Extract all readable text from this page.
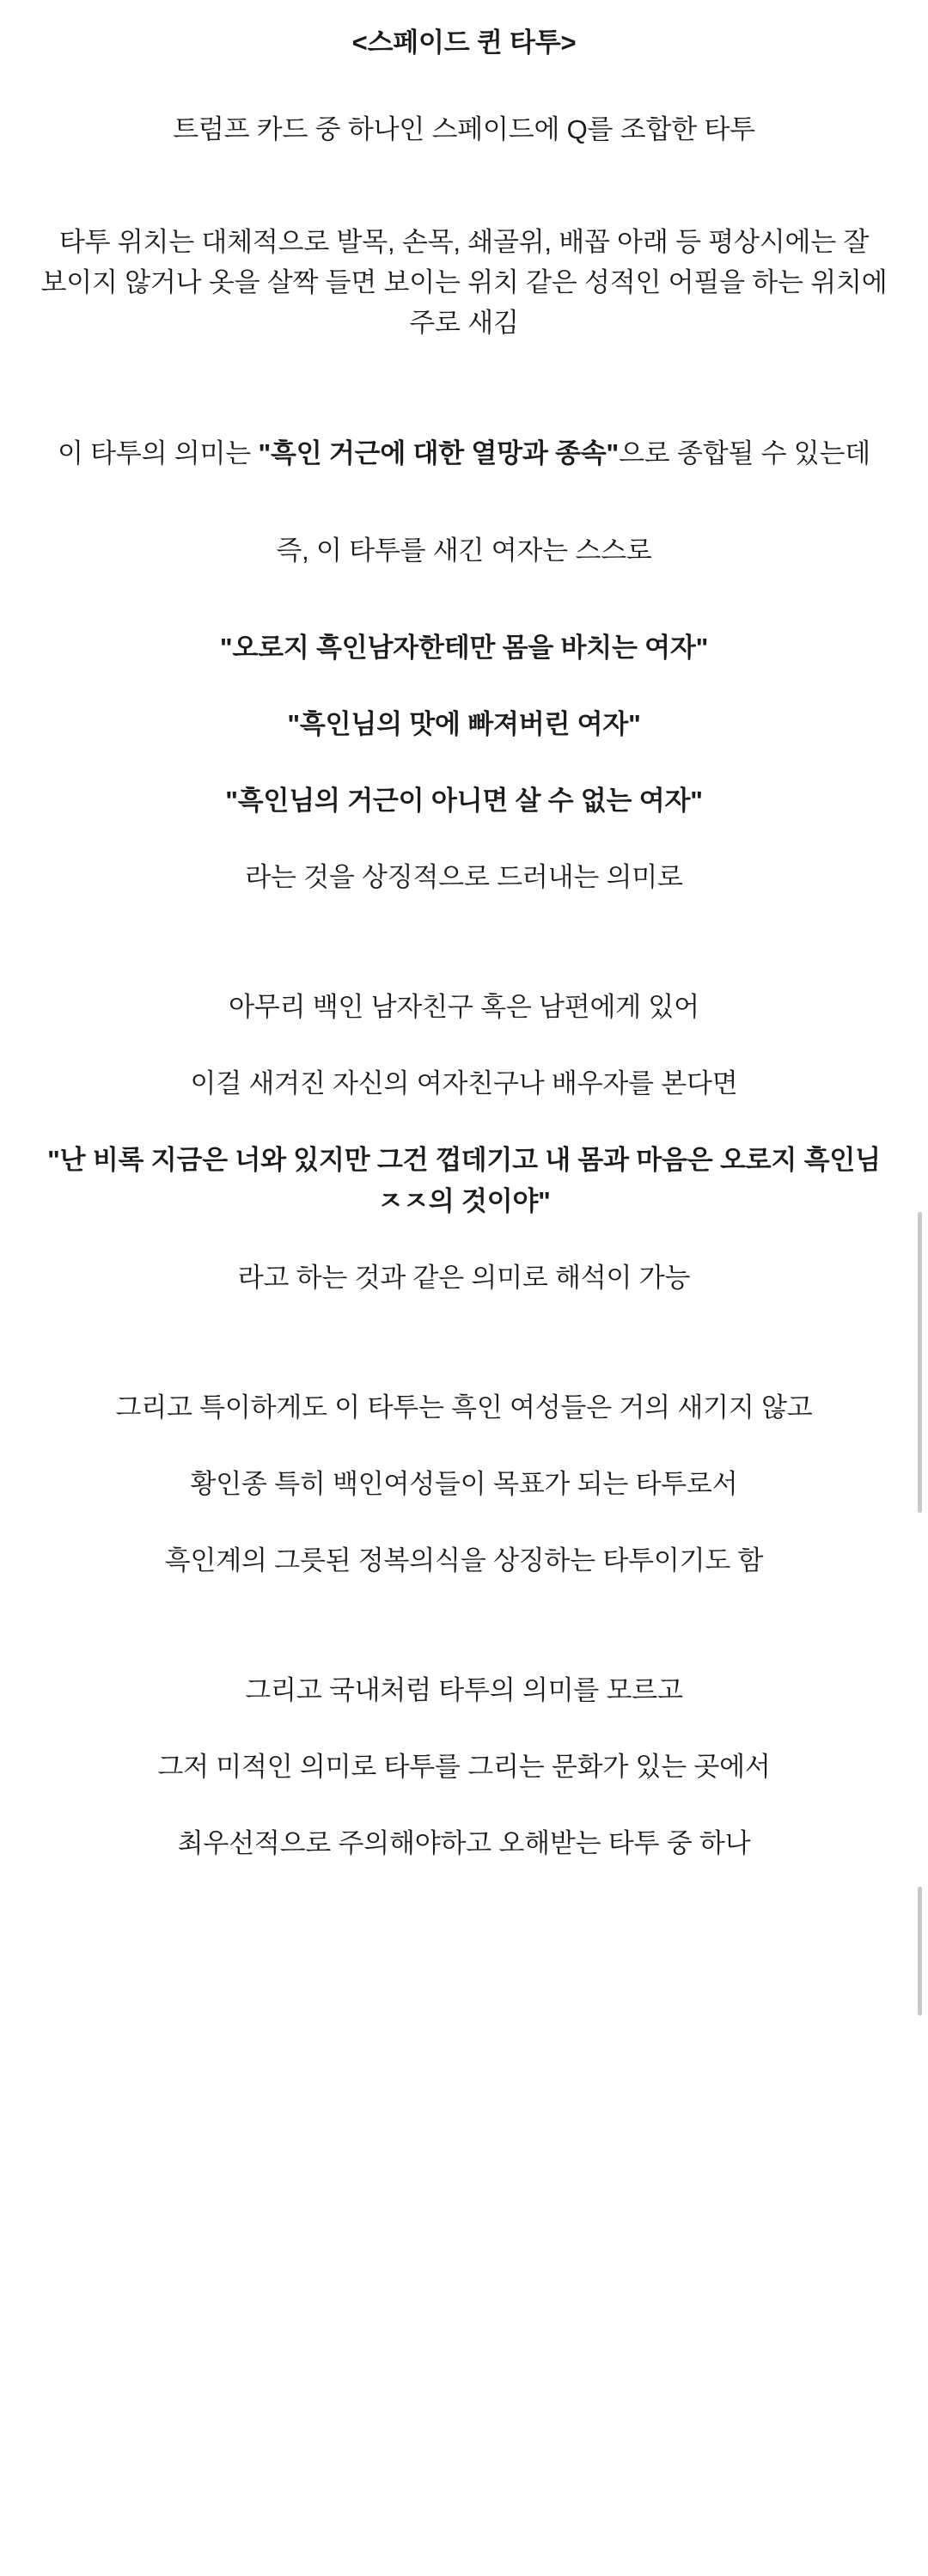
<스페이드 퀸 타투>
트럼프 카드 중 하나인 스페이드에 Q를 조합한 타투
타투 위치는 대체적으로 발목, 손목, 쇄골위, 배꼽 아래 등 평상시에는 잘 보이지 않거나 옷을 살짝 들면 보이는 위치 같은 성적인 어필을 하는 위치에 주로 새김
이 타투의 의미는 "흑인 거근에 대한 열망과 종속"으로 종합될 수 있는데
즉, 이 타투를 새긴 여자는 스스로
"오로지 흑인남자한테만 몸을 바치는 여자"
"흑인님의 맛에 빠져버린 여자"
"흑인님의 거근이 아니면 살 수 없는 여자"
라는 것을 상징적으로 드러내는 의미로
아무리 백인 남자친구 혹은 남편에게 있어
이걸 새겨진 자신의 여자친구나 배우자를 본다면
"난 비록 지금은 너와 있지만 그건 껍데기고 내 몸과 마음은 오로지 흑인님 ㅈㅈ의 것이야"
라고 하는 것과 같은 의미로 해석이 가능
그리고 특이하게도 이 타투는 흑인 여성들은 거의 새기지 않고
황인종 특히 백인여성들이 목표가 되는 타투로서
흑인계의 그릇된 정복의식을 상징하는 타투이기도 함
그리고 국내처럼 타투의 의미를 모르고
그저 미적인 의미로 타투를 그리는 문화가 있는 곳에서
최우선적으로 주의해야하고 오해받는 타투 중 하나
